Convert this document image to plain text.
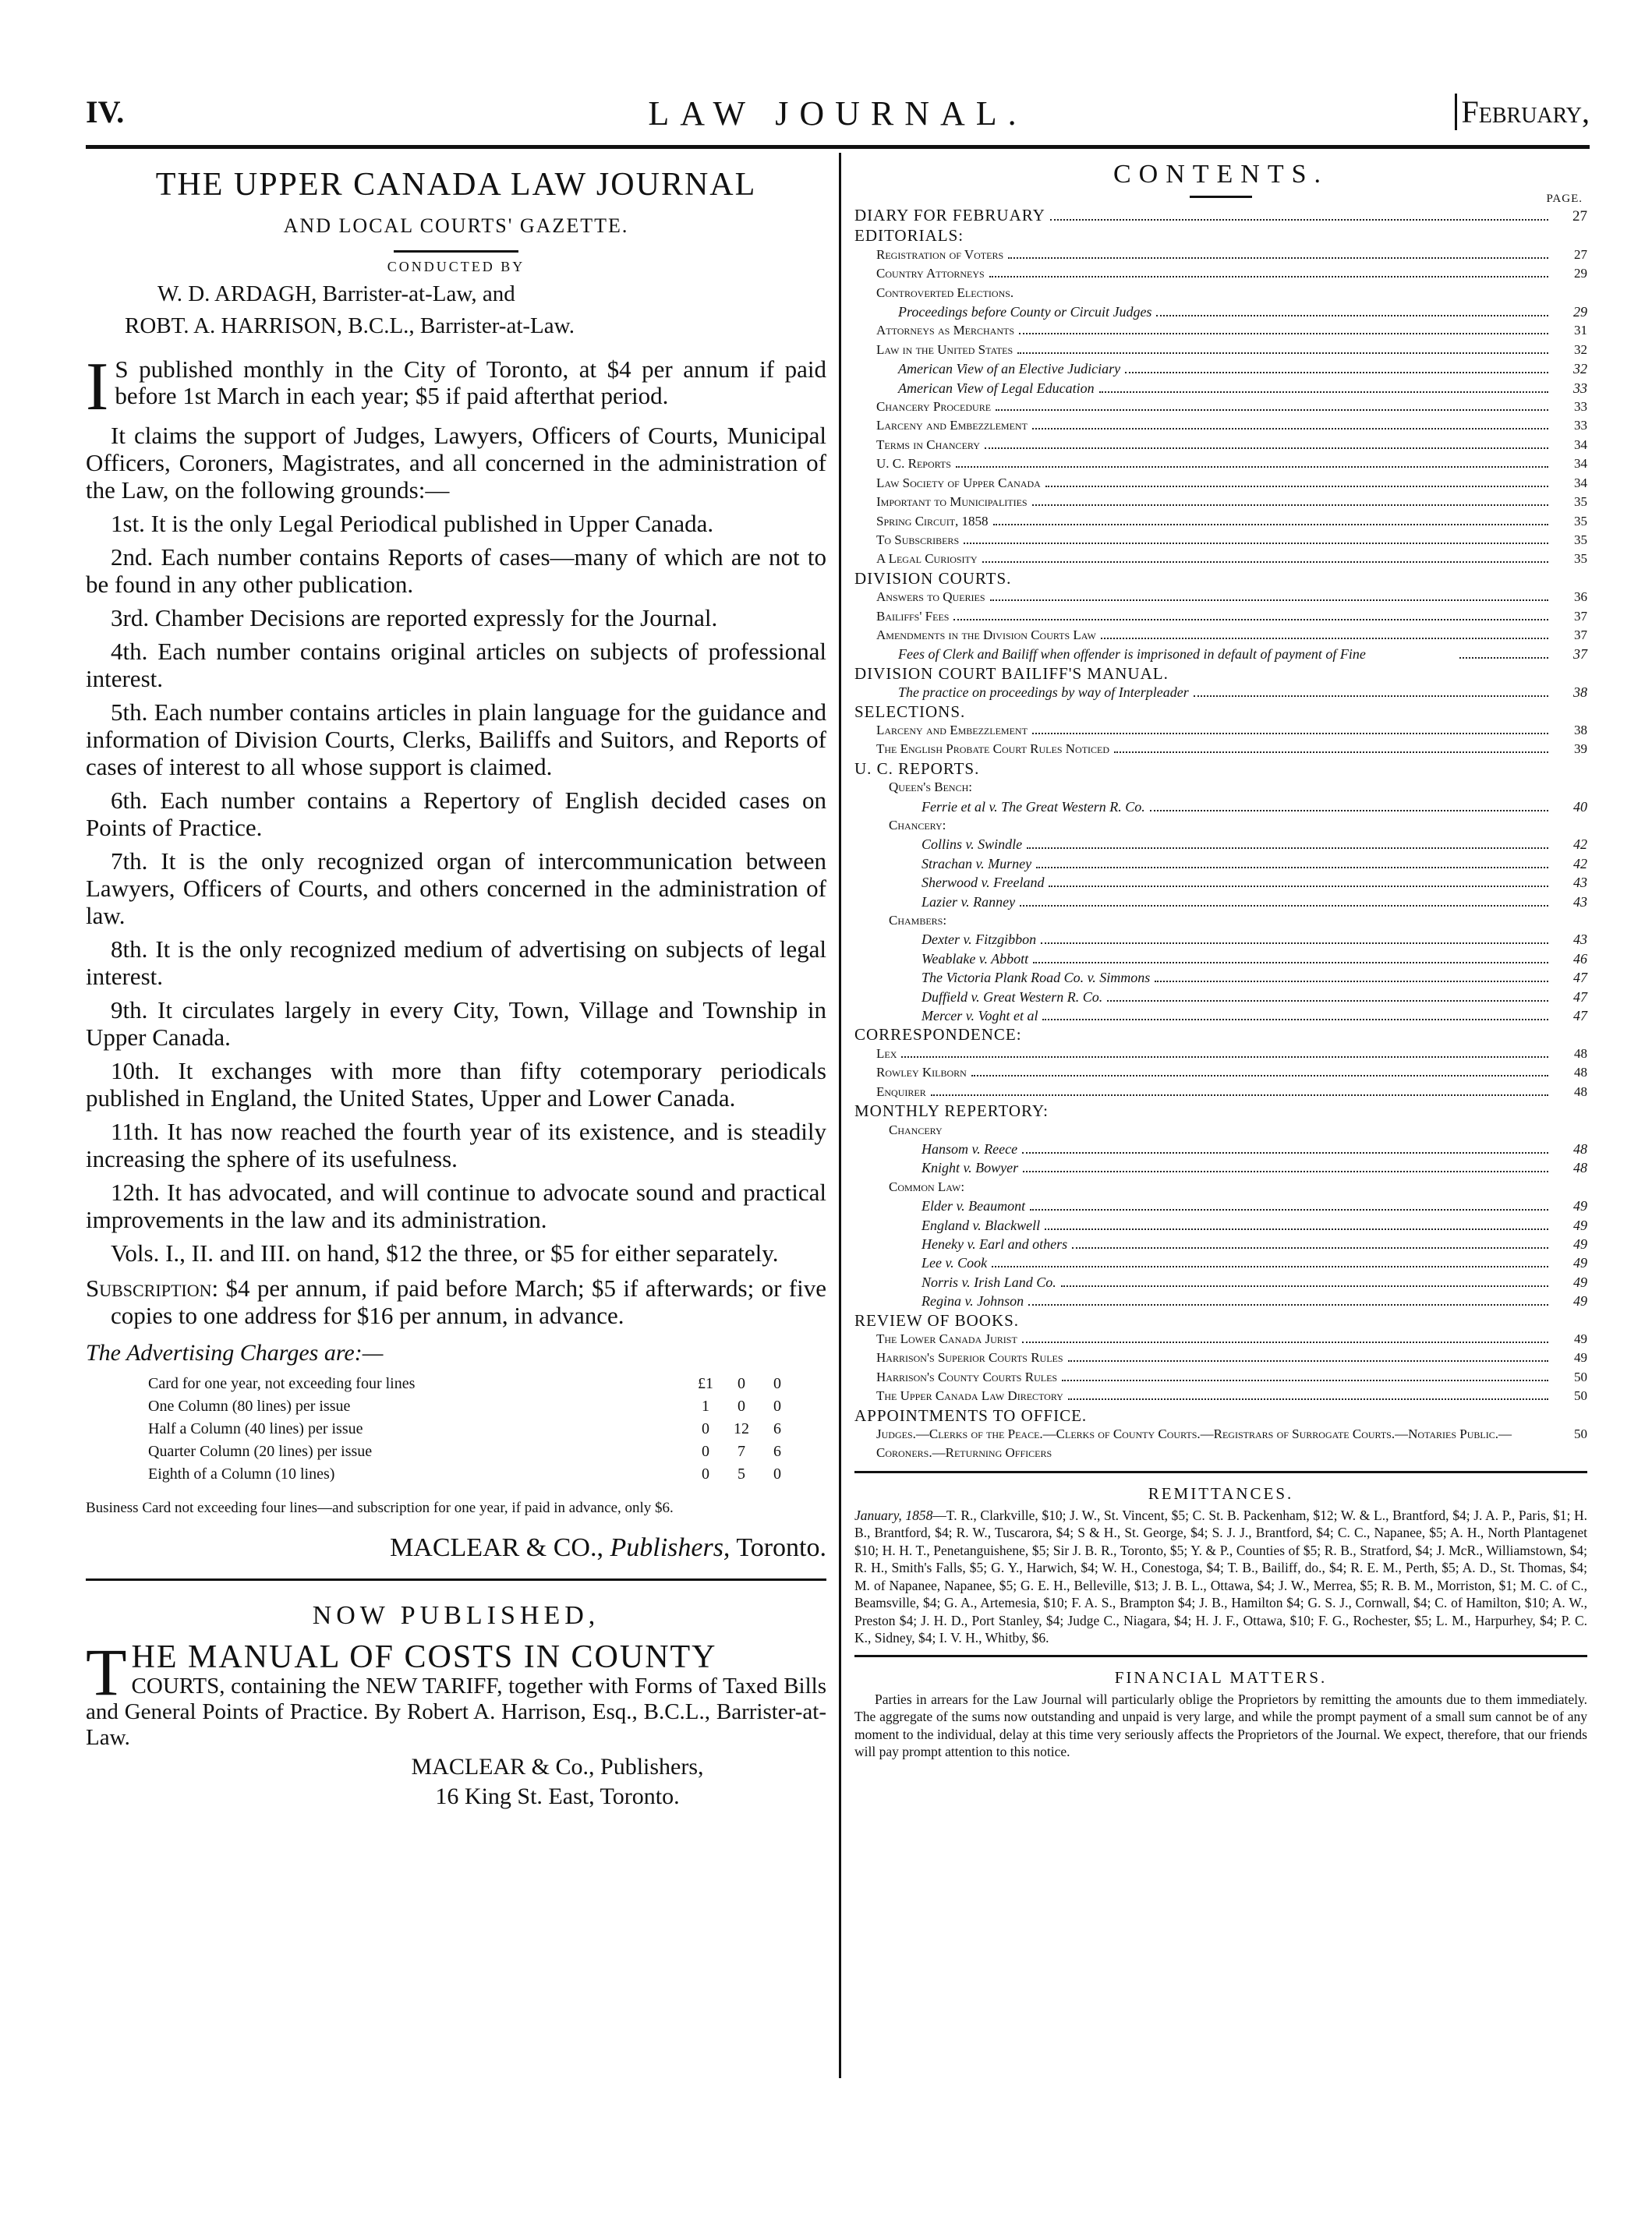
IV.	LAW JOURNAL.	February,
THE UPPER CANADA LAW JOURNAL
AND LOCAL COURTS' GAZETTE.
CONDUCTED BY
W. D. ARDAGH, Barrister-at-Law, and
ROBT. A. HARRISON, B.C.L., Barrister-at-Law.
I S published monthly in the City of Toronto, at $4 per annum if paid before 1st March in each year; $5 if paid afterthat period.
It claims the support of Judges, Lawyers, Officers of Courts, Municipal Officers, Coroners, Magistrates, and all concerned in the administration of the Law, on the following grounds:—
1st. It is the only Legal Periodical published in Upper Canada.
2nd. Each number contains Reports of cases—many of which are not to be found in any other publication.
3rd. Chamber Decisions are reported expressly for the Journal.
4th. Each number contains original articles on subjects of professional interest.
5th. Each number contains articles in plain language for the guidance and information of Division Courts, Clerks, Bailiffs and Suitors, and Reports of cases of interest to all whose support is claimed.
6th. Each number contains a Repertory of English decided cases on Points of Practice.
7th. It is the only recognized organ of intercommunication between Lawyers, Officers of Courts, and others concerned in the administration of law.
8th. It is the only recognized medium of advertising on subjects of legal interest.
9th. It circulates largely in every City, Town, Village and Township in Upper Canada.
10th. It exchanges with more than fifty cotemporary periodicals published in England, the United States, Upper and Lower Canada.
11th. It has now reached the fourth year of its existence, and is steadily increasing the sphere of its usefulness.
12th. It has advocated, and will continue to advocate sound and practical improvements in the law and its administration.
Vols. I., II. and III. on hand, $12 the three, or $5 for either separately.
Subscription: $4 per annum, if paid before March; $5 if afterwards; or five copies to one address for $16 per annum, in advance.
The Advertising Charges are:—
Card for one year, not exceeding four lines		£1	0	0
One Column (80 lines) per issue		1	0	0
Half a Column (40 lines) per issue		0	12	6
Quarter Column (20 lines) per issue		0	7	6
Eighth of a Column (10 lines)		0	5	0
Business Card not exceeding four lines—and subscription for one year, if paid in advance, only $6.
MACLEAR & CO., Publishers, Toronto.
NOW PUBLISHED,
T HE MANUAL OF COSTS IN COUNTY
COURTS, containing the NEW TARIFF, together with Forms of Taxed Bills and General Points of Practice. By Robert A. Harrison, Esq., B.C.L., Barrister-at-Law.
MACLEAR & Co., Publishers,
16 King St. East, Toronto.
CONTENTS.
PAGE.
DIARY FOR FEBRUARY	27
EDITORIALS:
Registration of Voters	27
Country Attorneys	29
Controverted Elections.
Proceedings before County or Circuit Judges	29
Attorneys as Merchants	31
Law in the United States	32
American View of an Elective Judiciary	32
American View of Legal Education	33
Chancery Procedure	33
Larceny and Embezzlement	33
Terms in Chancery	34
U. C. Reports	34
Law Society of Upper Canada	34
Important to Municipalities	35
Spring Circuit, 1858	35
To Subscribers	35
A Legal Curiosity	35
DIVISION COURTS.
Answers to Queries	36
Bailiffs' Fees	37
Amendments in the Division Courts Law	37
Fees of Clerk and Bailiff when offender is imprisoned in default of payment of Fine	37
DIVISION COURT BAILIFF'S MANUAL.
The practice on proceedings by way of Interpleader	38
SELECTIONS.
Larceny and Embezzlement	38
The English Probate Court Rules Noticed	39
U. C. REPORTS.
Queen's Bench:
Ferrie et al v. The Great Western R. Co.	40
Chancery:
Collins v. Swindle	42
Strachan v. Murney	42
Sherwood v. Freeland	43
Lazier v. Ranney	43
Chambers:
Dexter v. Fitzgibbon	43
Weablake v. Abbott	46
The Victoria Plank Road Co. v. Simmons	47
Duffield v. Great Western R. Co.	47
Mercer v. Voght et al	47
CORRESPONDENCE:
Lex	48
Rowley Kilborn	48
Enquirer	48
MONTHLY REPERTORY:
Chancery
Hansom v. Reece	48
Knight v. Bowyer	48
Common Law:
Elder v. Beaumont	49
England v. Blackwell	49
Heneky v. Earl and others	49
Lee v. Cook	49
Norris v. Irish Land Co.	49
Regina v. Johnson	49
REVIEW OF BOOKS.
The Lower Canada Jurist	49
Harrison's Superior Courts Rules	49
Harrison's County Courts Rules	50
The Upper Canada Law Directory	50
APPOINTMENTS TO OFFICE.
Judges.—Clerks of the Peace.—Clerks of County Courts.—Registrars of Surrogate Courts.—Notaries Public.—Coroners.—Returning Officers
50
REMITTANCES.
January, 1858—T. R., Clarkville, $10; J. W., St. Vincent, $5; C. St. B. Packenham, $12; W. & L., Brantford, $4; J. A. P., Paris, $1; H. B., Brantford, $4; R. W., Tuscarora, $4; S & H., St. George, $4; S. J. J., Brantford, $4; C. C., Napanee, $5; A. H., North Plantagenet $10; H. H. T., Penetanguishene, $5; Sir J. B. R., Toronto, $5; Y. & P., Counties of $5; R. B., Stratford, $4; J. McR., Williamstown, $4; R. H., Smith's Falls, $5; G. Y., Harwich, $4; W. H., Conestoga, $4; T. B., Bailiff, do., $4; R. E. M., Perth, $5; A. D., St. Thomas, $4; M. of Napanee, Napanee, $5; G. E. H., Belleville, $13; J. B. L., Ottawa, $4; J. W., Merrea, $5; R. B. M., Morriston, $1; M. C. of C., Beamsville, $4; G. A., Artemesia, $10; F. A. S., Brampton $4; J. B., Hamilton $4; G. S. J., Cornwall, $4; C. of Hamilton, $10; A. W., Preston $4; J. H. D., Port Stanley, $4; Judge C., Niagara, $4; H. J. F., Ottawa, $10; F. G., Rochester, $5; L. M., Harpurhey, $4; P. C. K., Sidney, $4; I. V. H., Whitby, $6.
FINANCIAL MATTERS.
Parties in arrears for the Law Journal will particularly oblige the Proprietors by remitting the amounts due to them immediately. The aggregate of the sums now outstanding and unpaid is very large, and while the prompt payment of a small sum cannot be of any moment to the individual, delay at this time very seriously affects the Proprietors of the Journal. We expect, therefore, that our friends will pay prompt attention to this notice.
